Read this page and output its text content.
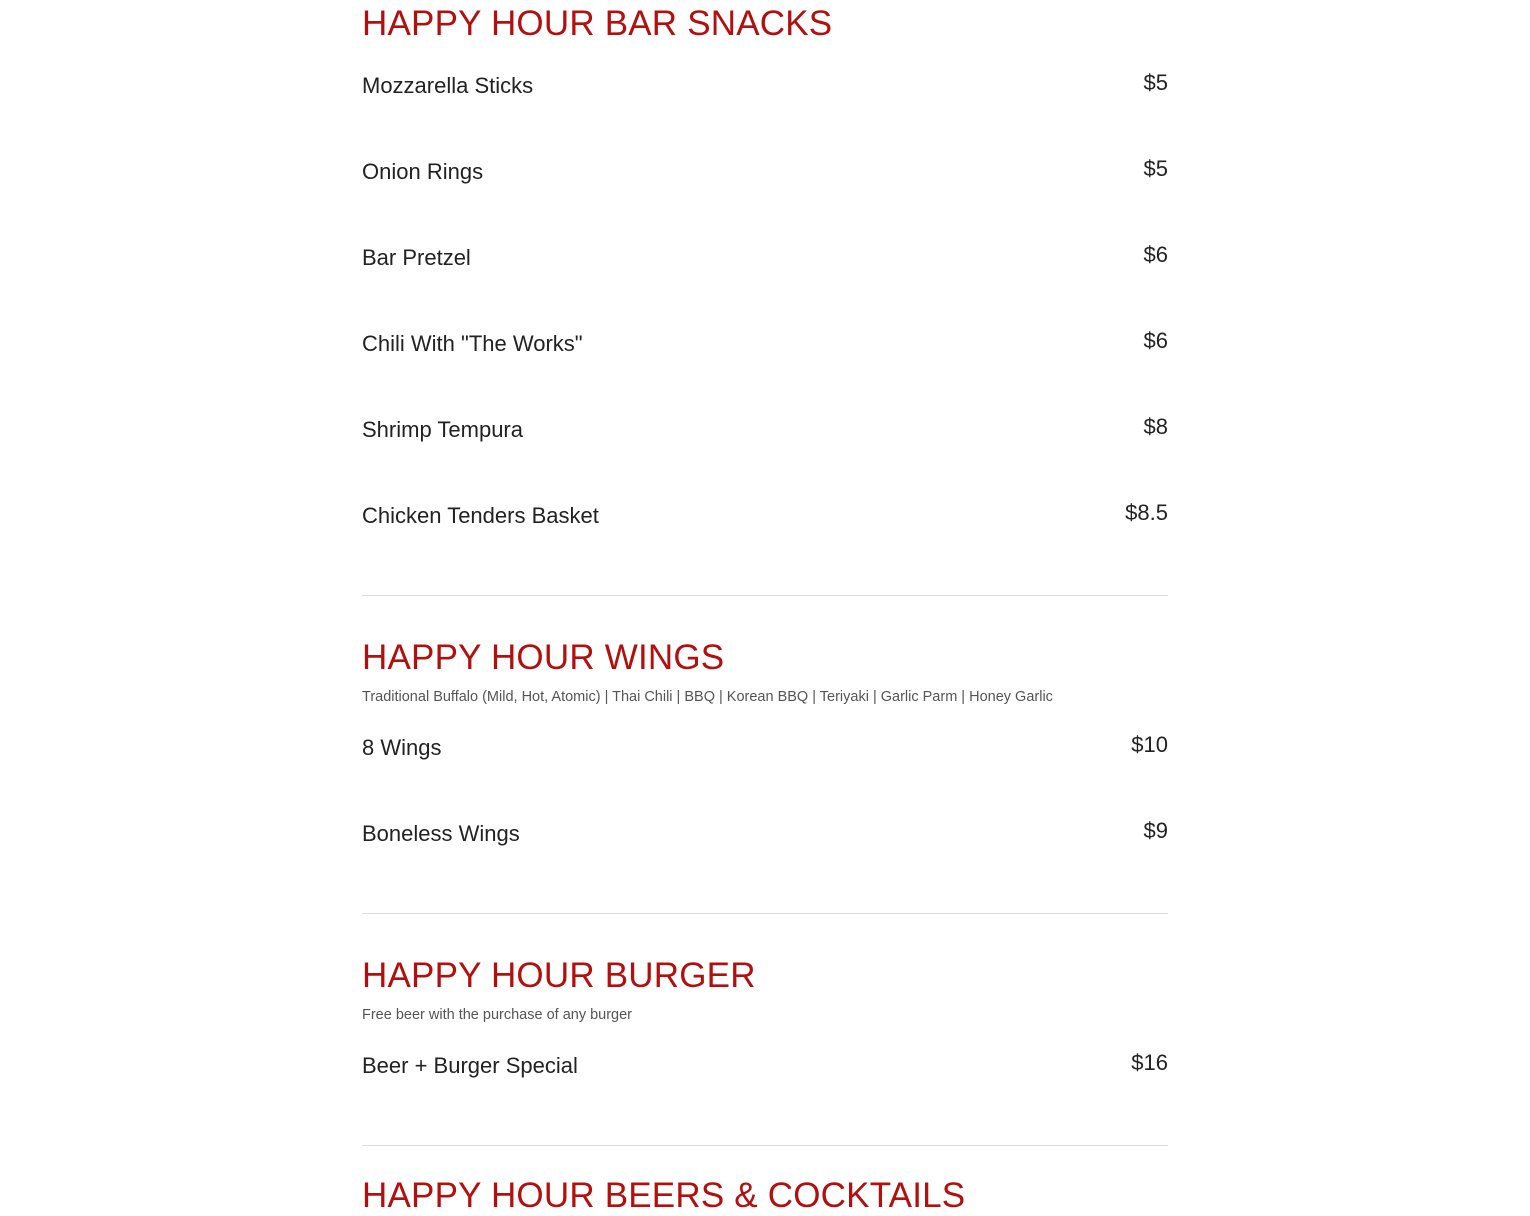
HAPPY HOUR BAR SNACKS
Mozzarella Sticks	$5
Onion Rings	$5
Bar Pretzel	$6
Chili With "The Works"	$6
Shrimp Tempura	$8
Chicken Tenders Basket	$8.5
HAPPY HOUR WINGS
Traditional Buffalo (Mild, Hot, Atomic) | Thai Chili | BBQ | Korean BBQ | Teriyaki | Garlic Parm | Honey Garlic
8 Wings	$10
Boneless Wings	$9
HAPPY HOUR BURGER
Free beer with the purchase of any burger
Beer + Burger Special	$16
HAPPY HOUR BEERS & COCKTAILS
